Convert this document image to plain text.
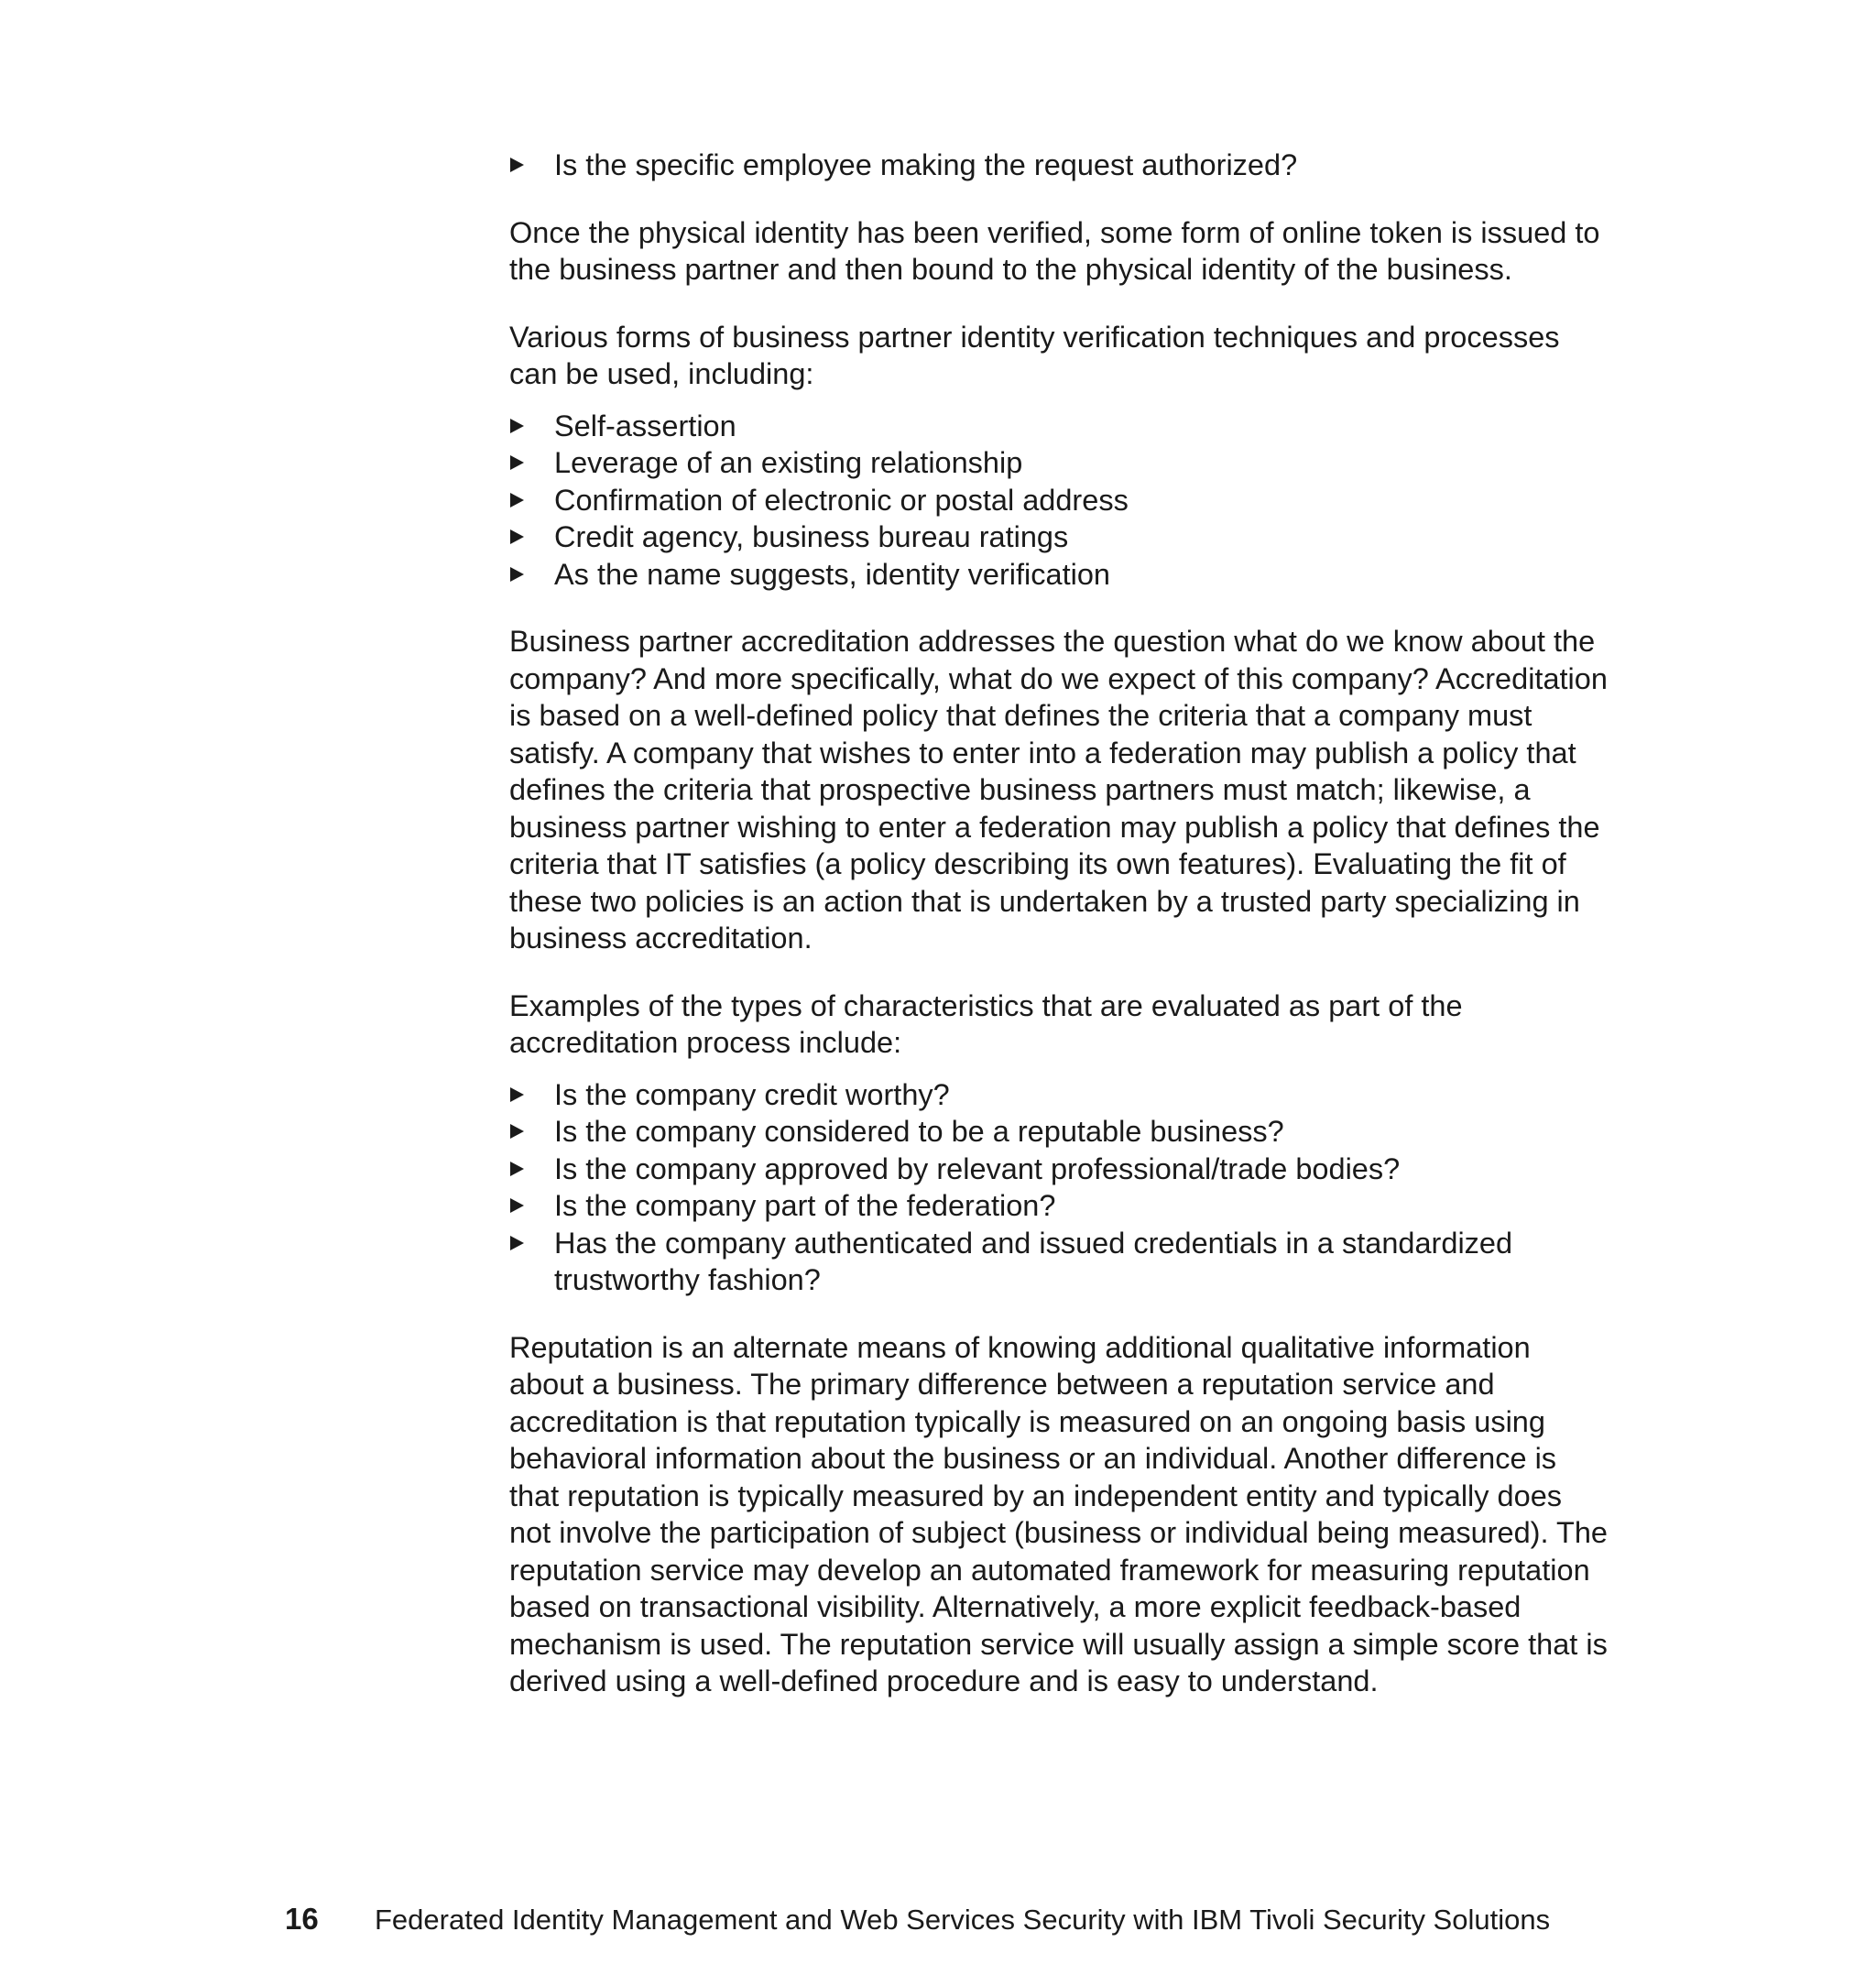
Is the specific employee making the request authorized?

Once the physical identity has been verified, some form of online token is issued to the business partner and then bound to the physical identity of the business.

Various forms of business partner identity verification techniques and processes can be used, including:

Self-assertion
Leverage of an existing relationship
Confirmation of electronic or postal address
Credit agency, business bureau ratings
As the name suggests, identity verification

Business partner accreditation addresses the question what do we know about the company? And more specifically, what do we expect of this company? Accreditation is based on a well-defined policy that defines the criteria that a company must satisfy. A company that wishes to enter into a federation may publish a policy that defines the criteria that prospective business partners must match; likewise, a business partner wishing to enter a federation may publish a policy that defines the criteria that IT satisfies (a policy describing its own features). Evaluating the fit of these two policies is an action that is undertaken by a trusted party specializing in business accreditation.

Examples of the types of characteristics that are evaluated as part of the accreditation process include:

Is the company credit worthy?
Is the company considered to be a reputable business?
Is the company approved by relevant professional/trade bodies?
Is the company part of the federation?
Has the company authenticated and issued credentials in a standardized trustworthy fashion?

Reputation is an alternate means of knowing additional qualitative information about a business. The primary difference between a reputation service and accreditation is that reputation typically is measured on an ongoing basis using behavioral information about the business or an individual. Another difference is that reputation is typically measured by an independent entity and typically does not involve the participation of subject (business or individual being measured). The reputation service may develop an automated framework for measuring reputation based on transactional visibility. Alternatively, a more explicit feedback-based mechanism is used. The reputation service will usually assign a simple score that is derived using a well-defined procedure and is easy to understand.

16 Federated Identity Management and Web Services Security with IBM Tivoli Security Solutions
